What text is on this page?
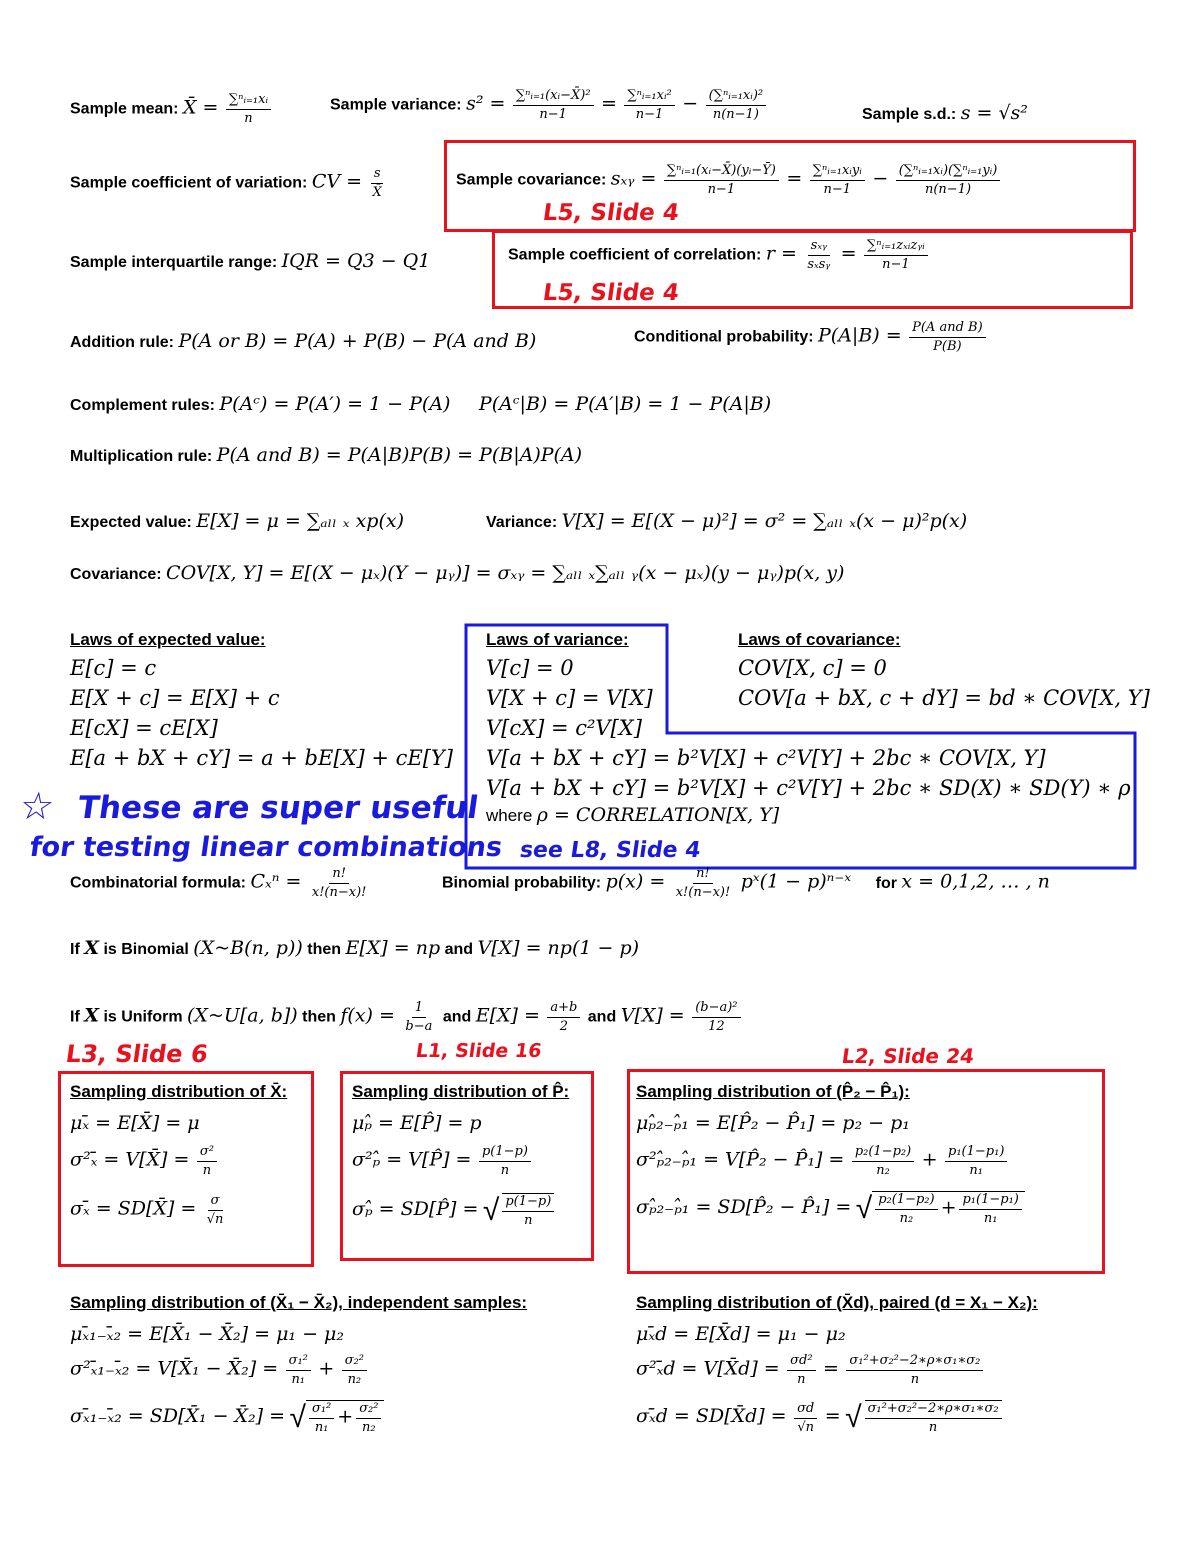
Sample mean: X̄ = $\frac{\text{∑ⁿᵢ₌₁xᵢ}}{n}$	Sample variance: $s^2 = \frac{\text{∑ⁿᵢ₌₁(xᵢ−X̄)²}}{n-1} = \frac{\text{∑ⁿᵢ₌₁xᵢ²}}{n-1} - \frac{\text{(∑ⁿᵢ₌₁xᵢ)²}}{n(n-1)}$	Sample s.d.: s = √s²
Sample coefficient of variation: CV = $\frac{s}{X̄}$	Sample covariance: sₓᵧ = $\frac{\text{∑ⁿᵢ₌₁(xᵢ−X̄)(yᵢ−Ȳ)}}{n-1} = \frac{\text{∑ⁿᵢ₌₁xᵢyᵢ}}{n-1} - \frac{\text{(∑ⁿᵢ₌₁xᵢ)(∑ⁿᵢ₌₁yᵢ)}}{n(n-1)}$
Sample interquartile range: IQR = Q3 − Q1	Sample coefficient of correlation: $r = \frac{\text{sₓᵧ}}{\text{sₓsᵧ}} = \frac{\text{∑ⁿᵢ₌₁zₓᵢzᵧᵢ}}{n-1}$
L5, Slide 4
L5, Slide 4
Addition rule: P(A or B) = P(A) + P(B) − P(A and B)	Conditional probability: $P(A|B) = \frac{\text{P(A and B)}}{P(B)}$
Complement rules: P(Aᶜ) = P(A′) = 1 − P(A) P(Aᶜ|B) = P(A′|B) = 1 − P(A|B)
Multiplication rule: P(A and B) = P(A|B)P(B) = P(B|A)P(A)
Expected value: E[X] = μ = ∑ₐₗₗ ₓ xp(x)	Variance: V[X] = E[(X − μ)²] = σ² = ∑ₐₗₗ ₓ(x − μ)²p(x)
Covariance: COV[X, Y] = E[(X − μₓ)(Y − μᵧ)] = σₓᵧ = ∑ₐₗₗ ₓ∑ₐₗₗ ᵧ(x − μₓ)(y − μᵧ)p(x, y)
Laws of expected value:
E[c] = c
E[X + c] = E[X] + c
E[cX] = cE[X]
E[a + bX + cY] = a + bE[X] + cE[Y]
Laws of variance:
V[c] = 0
V[X + c] = V[X]
V[cX] = c²V[X]
V[a + bX + cY] = b²V[X] + c²V[Y] + 2bc ∗ COV[X, Y]
V[a + bX + cY] = b²V[X] + c²V[Y] + 2bc ∗ SD(X) ∗ SD(Y) ∗ ρ
where ρ = CORRELATION[X, Y]
Laws of covariance:
COV[X, c] = 0
COV[a + bX, c + dY] = bd ∗ COV[X, Y]
☆ These are super useful
for testing linear combinations see L8, Slide 4
Combinatorial formula: $C_x^n = \frac{n!}{x!(n-x)!}$	Binomial probability: $p(x) = \frac{n!}{x!(n-x)!}$ pˣ(1 − p)ⁿ⁻ˣ for x = 0,1,2, … , n
If X is Binomial (X~B(n, p)) then E[X] = np and V[X] = np(1 − p)
If X is Uniform (X~U[a, b]) then $f(x) = \frac{1}{b-a}$ and $E[X] = \frac{a+b}{2}$ and $V[X] = \frac{\text{(b−a)²}}{12}$
L3, Slide 6	L1, Slide 16	L2, Slide 24
Sampling distribution of X̄:
μₓ̄ = E[X̄] = μ
σ²ₓ̄ = V[X̄] = $\frac{\text{σ²}}{n}$
σₓ̄ = SD[X̄] = $\frac{\sigma}{√n}$
Sampling distribution of P̂:
μₚ̂ = E[P̂] = p
σ²ₚ̂ = V[P̂] = $\frac{p(1-p)}{n}$
σₚ̂ = SD[P̂] = √ $\frac{p(1-p)}{n}$
Sampling distribution of (P̂₂ − P̂₁):
μₚ̂₂₋ₚ̂₁ = E[P̂₂ − P̂₁] = p₂ − p₁
σ²ₚ̂₂₋ₚ̂₁ = V[P̂₂ − P̂₁] = $\frac{\text{p₂(1−p₂)}}{\text{n₂}} + \frac{\text{p₁(1−p₁)}}{\text{n₁}}$
σₚ̂₂₋ₚ̂₁ = SD[P̂₂ − P̂₁] = √ $\frac{\text{p₂(1−p₂)}}{\text{n₂}} + \frac{\text{p₁(1−p₁)}}{\text{n₁}}$
Sampling distribution of (X̄₁ − X̄₂), independent samples:
μₓ̄₁₋ₓ̄₂ = E[X̄₁ − X̄₂] = μ₁ − μ₂
σ²ₓ̄₁₋ₓ̄₂ = V[X̄₁ − X̄₂] = $\frac{\text{σ₁²}}{\text{n₁}} + \frac{\text{σ₂²}}{\text{n₂}}$
σₓ̄₁₋ₓ̄₂ = SD[X̄₁ − X̄₂] = √ $\frac{\text{σ₁²}}{\text{n₁}} + \frac{\text{σ₂²}}{\text{n₂}}$
Sampling distribution of (X̄d), paired (d = X₁ − X₂):
μₓ̄d = E[X̄d] = μ₁ − μ₂
σ²ₓ̄d = V[X̄d] = $\frac{\text{σd²}}{n} = \frac{\text{σ₁²+σ₂²−2∗ρ∗σ₁∗σ₂}}{n}$
σₓ̄d = SD[X̄d] = $\frac{\sigma d}{√n}$ = √ $\frac{\text{σ₁²+σ₂²−2∗ρ∗σ₁∗σ₂}}{n}$
